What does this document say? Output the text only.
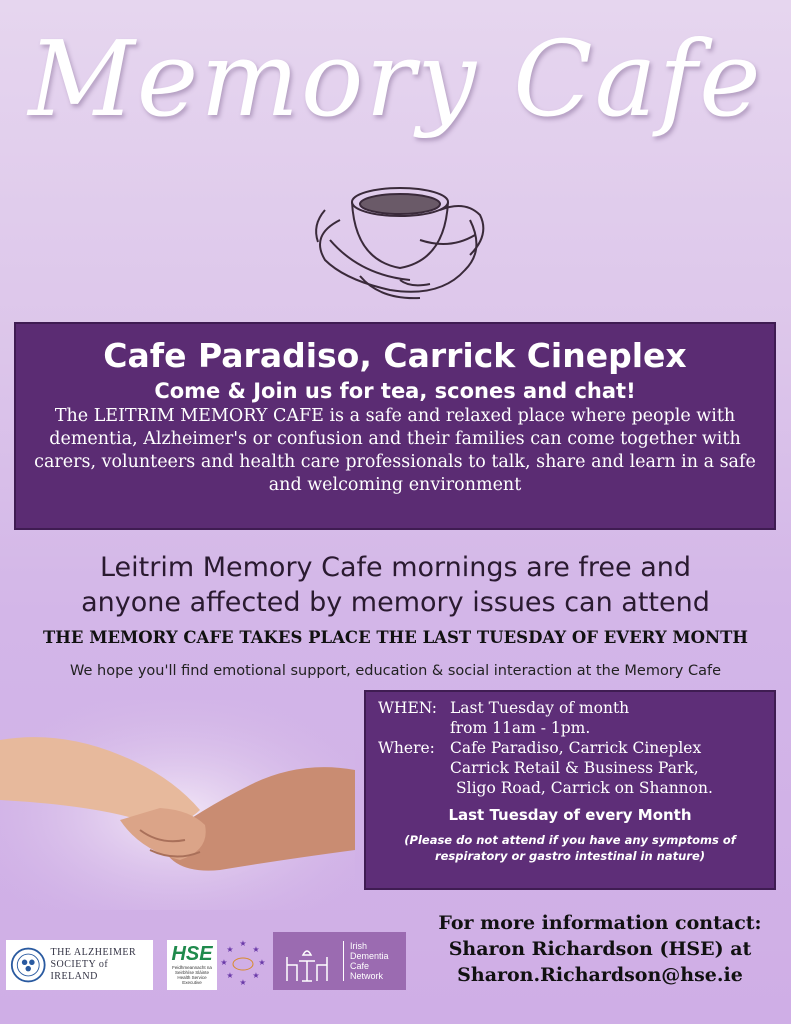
Memory Cafe
Cafe Paradiso, Carrick Cineplex
Come & Join us for tea, scones and chat!
The LEITRIM MEMORY CAFE is a safe and relaxed place where people with dementia, Alzheimer's or confusion and their families can come together with carers, volunteers and health care professionals to talk, share and learn in a safe and welcoming environment
Leitrim Memory Cafe mornings are free and
anyone affected by memory issues can attend
THE MEMORY CAFE TAKES PLACE THE LAST TUESDAY OF EVERY MONTH
We hope you'll find emotional support, education & social interaction at the Memory Cafe
WHEN: Last Tuesday of month
from 11am - 1pm.
Where: Cafe Paradiso, Carrick Cineplex
Carrick Retail & Business Park,
Sligo Road, Carrick on Shannon.
Last Tuesday of every Month
(Please do not attend if you have any symptoms of respiratory or gastro intestinal in nature)
For more information contact:
Sharon Richardson (HSE) at
Sharon.Richardson@hse.ie
THE ALZHEIMER
SOCIETY of IRELAND
HSE
Feidhmeannacht na Seirbhíse Sláinte Health Service Executive
★
★
★
★
★
★
★
★	Irish
Dementia
Cafe
Network
